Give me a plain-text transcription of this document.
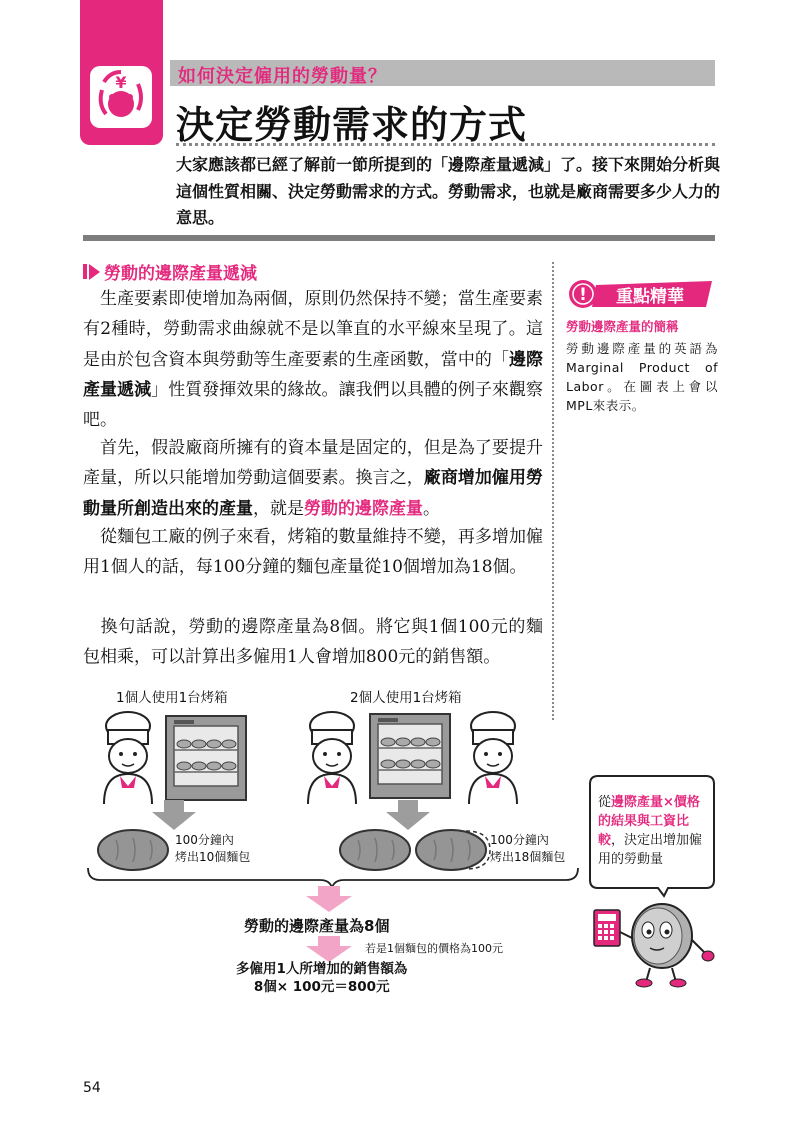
¥	如何決定僱用的勞動量？
決定勞動需求的方式
大家應該都已經了解前一節所提到的「邊際產量遞減」了。接下來開始分析與這個性質相關、決定勞動需求的方式。勞動需求，也就是廠商需要多少人力的意思。
勞動的邊際產量遞減
生產要素即使增加為兩個，原則仍然保持不變；當生產要素有2種時，勞動需求曲線就不是以筆直的水平線來呈現了。這是由於包含資本與勞動等生產要素的生產函數，當中的「邊際產量遞減」性質發揮效果的緣故。讓我們以具體的例子來觀察吧。
首先，假設廠商所擁有的資本量是固定的，但是為了要提升產量，所以只能增加勞動這個要素。換言之，廠商增加僱用勞動量所創造出來的產量，就是勞動的邊際產量。
從麵包工廠的例子來看，烤箱的數量維持不變，再多增加僱用1個人的話，每100分鐘的麵包產量從10個增加為18個。
換句話說，勞動的邊際產量為8個。將它與1個100元的麵包相乘，可以計算出多僱用1人會增加800元的銷售額。
! 重點精華
勞動邊際產量的簡稱
勞動邊際產量的英語為Marginal Product of Labor。在圖表上會以MPL來表示。
1個人使用1台烤箱	2個人使用1台烤箱
100分鐘內
烤出10個麵包
100分鐘內
烤出18個麵包
勞動的邊際產量為8個
若是1個麵包的價格為100元
多僱用1人所增加的銷售額為
8個× 100元＝800元
從邊際產量×價格的結果與工資比較，決定出增加僱用的勞動量
54
